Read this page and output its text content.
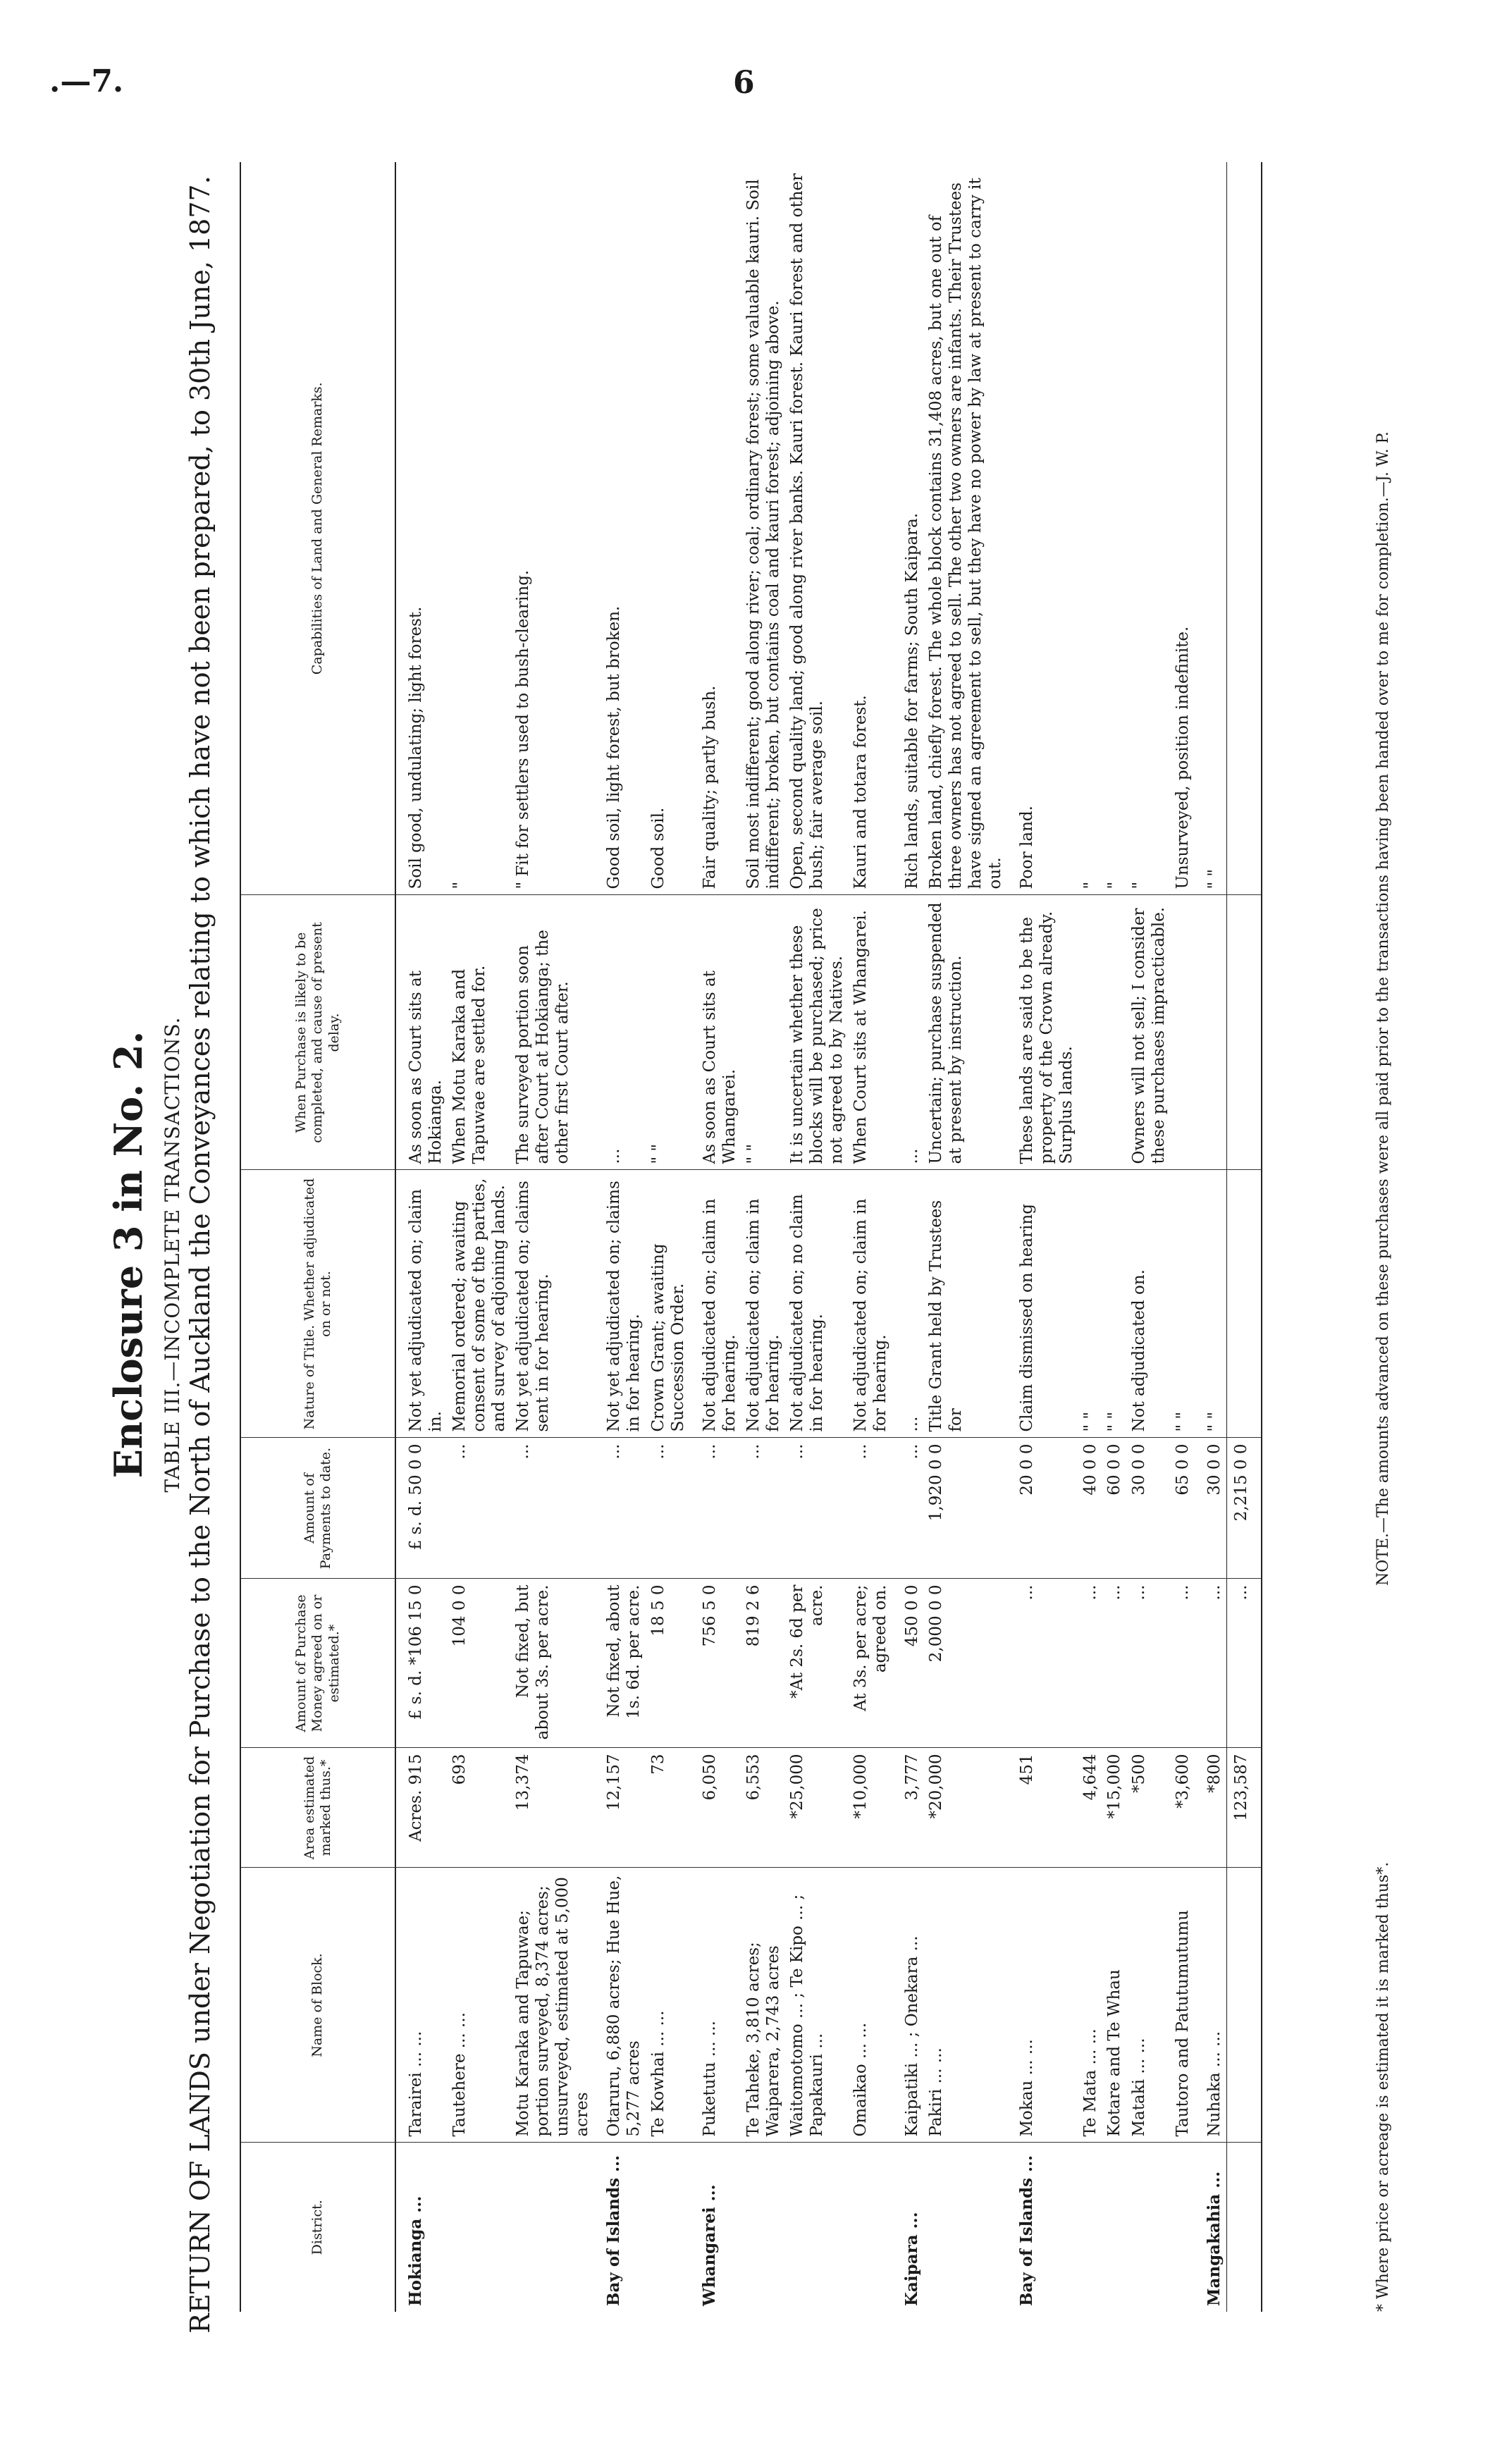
.—7.	6
Enclosure 3 in No. 2. TABLE III.—INCOMPLETE TRANSACTIONS. RETURN OF LANDS under Negotiation for Purchase to the North of Auckland the Conveyances relating to which have not been prepared, to 30th June, 1877.	District.	Name of Block.	Area estimated marked thus.*	Amount of Purchase Money agreed on or estimated.*	Amount of Payments to date.	Nature of Title. Whether adjudicated on or not.	When Purchase is likely to be completed, and cause of present delay.	Capabilities of Land and General Remarks.
Hokianga ...	Tarairei ... ...	Acres. 915	£ s. d. *106 15 0	£ s. d. 50 0 0	Not yet adjudicated on; claim in.	As soon as Court sits at Hokianga.	Soil good, undulating; light forest.
	Tautehere ... ...	693	104 0 0	...	Memorial ordered; awaiting consent of some of the parties, and survey of adjoining lands.	When Motu Karaka and Tapuwae are settled for.	"
	Motu Karaka and Tapuwae; portion surveyed, 8,374 acres; unsurveyed, estimated at 5,000 acres	13,374	Not fixed, but about 3s. per acre.	...	Not yet adjudicated on; claims sent in for hearing.	The surveyed portion soon after Court at Hokianga; the other first Court after.	" Fit for settlers used to bush-clearing.
Bay of Islands ...	Otaruru, 6,880 acres; Hue Hue, 5,277 acres	12,157	Not fixed, about 1s. 6d. per acre.	...	Not yet adjudicated on; claims in for hearing.	...	Good soil, light forest, but broken.
	Te Kowhai ... ...	73	18 5 0	...	Crown Grant; awaiting Succession Order.	" "	Good soil.
Whangarei ...	Puketutu ... ...	6,050	756 5 0	...	Not adjudicated on; claim in for hearing.	As soon as Court sits at Whangarei.	Fair quality; partly bush.
	Te Taheke, 3,810 acres; Waiparera, 2,743 acres	6,553	819 2 6	...	Not adjudicated on; claim in for hearing.	" "	Soil most indifferent; good along river; coal; ordinary forest; some valuable kauri. Soil indifferent; broken, but contains coal and kauri forest; adjoining above.
	Waitomotomo ... ; Te Kipo ... ; Papakauri ...	*25,000	*At 2s. 6d per acre.	...	Not adjudicated on; no claim in for hearing.	It is uncertain whether these blocks will be purchased; price not agreed to by Natives.	Open, second quality land; good along river banks. Kauri forest. Kauri forest and other bush; fair average soil.
	Omaikao ... ...	*10,000	At 3s. per acre; agreed on.	...	Not adjudicated on; claim in for hearing.	When Court sits at Whangarei.	Kauri and totara forest.
Kaipara ...	Kaipatiki ... ; Onekara ...	3,777	450 0 0	...	...	...	Rich lands, suitable for farms; South Kaipara.
	Pakiri ... ...	*20,000	2,000 0 0	1,920 0 0	Title Grant held by Trustees for	Uncertain; purchase suspended at present by instruction.	Broken land, chiefly forest. The whole block contains 31,408 acres, but one out of three owners has not agreed to sell. The other two owners are infants. Their Trustees have signed an agreement to sell, but they have no power by law at present to carry it out.
Bay of Islands ...	Mokau ... ...	451	...	20 0 0	Claim dismissed on hearing	These lands are said to be the property of the Crown already. Surplus lands.	Poor land.
	Te Mata ... ...	4,644	...	40 0 0	" "		"
	Kotare and Te Whau	*15,000	...	60 0 0	" "		"
	Mataki ... ...	*500	...	30 0 0	Not adjudicated on.	Owners will not sell; I consider these purchases impracticable.	"
	Tautoro and Patutumutumu	*3,600	...	65 0 0	" "		Unsurveyed, position indefinite.
Mangakahia ...	Nuhaka ... ...	*800	...	30 0 0	" "		" "
		123,587	...	2,215 0 0			
* Where price or acreage is estimated it is marked thus*.
NOTE.—The amounts advanced on these purchases were all paid prior to the transactions having been handed over to me for completion.—J. W. P.
